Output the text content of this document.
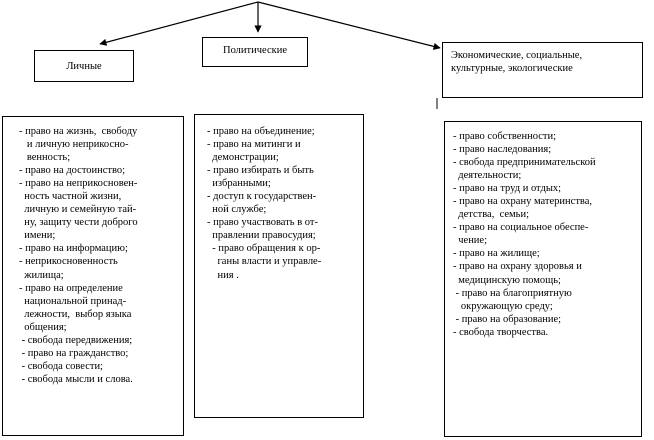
Личные
Политические	Экономические, социальные,
культурные, экологические
- право на жизнь,  свободу
и личную неприкосно-
венность;
- право на достоинство;
- право на неприкосновен-
ность частной жизни,
личную и семейную тай-
ну, защиту чести доброго
имени;
- право на информацию;
- неприкосновенность
жилища;
- право на определение
национальной принад-
лежности,  выбор языка
общения;
- свобода передвижения;
- право на гражданство;
- свобода совести;
- свобода мысли и слова.
- право на объединение;
- право на митинги и
демонстрации;
- право избирать и быть
избранными;
- доступ к государствен-
ной службе;
- право участвовать в от-
правлении правосудия;
- право обращения к ор-
ганы власти и управле-
ния .
- право собственности;
- право наследования;
- свобода предпринимательской
деятельности;
- право на труд и отдых;
- право на охрану материнства,
детства,  семьи;
- право на социальное обеспе-
чение;
- право на жилище;
- право на охрану здоровья и
медицинскую помощь;
- право на благоприятную
окружающую среду;
- право на образование;
- свобода творчества.
